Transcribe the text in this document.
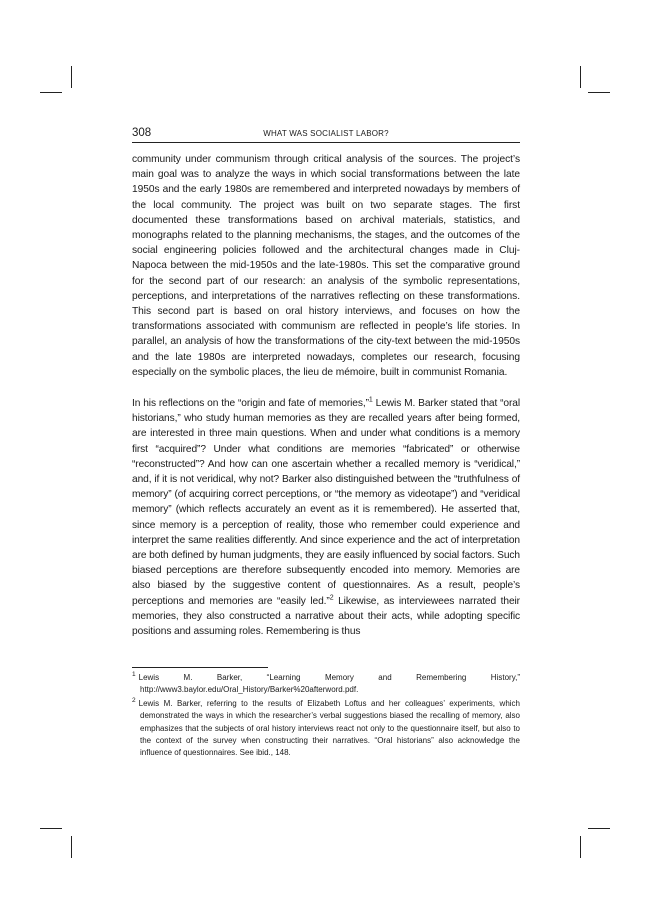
308	WHAT WAS SOCIALIST LABOR?

community under communism through critical analysis of the sources. The project’s main goal was to analyze the ways in which social transformations between the late 1950s and the early 1980s are remembered and interpreted nowadays by members of the local community. The project was built on two separate stages. The first documented these transformations based on archival materials, statistics, and monographs related to the planning mechanisms, the stages, and the outcomes of the social engineering policies followed and the architectural changes made in Cluj-Napoca between the mid-1950s and the late-1980s. This set the comparative ground for the second part of our research: an analysis of the symbolic representations, perceptions, and interpretations of the narratives reflecting on these transformations. This second part is based on oral history interviews, and focuses on how the transformations associated with communism are reflected in people’s life stories. In parallel, an analysis of how the transformations of the city-text between the mid-1950s and the late 1980s are interpreted nowadays, completes our research, focusing especially on the symbolic places, the lieu de mémoire, built in communist Romania.

In his reflections on the “origin and fate of memories,”$^1$ Lewis M. Barker stated that “oral historians,” who study human memories as they are recalled years after being formed, are interested in three main questions. When and under what conditions is a memory first “acquired”? Under what conditions are memories “fabricated” or otherwise “reconstructed”? And how can one ascertain whether a recalled memory is “veridical,” and, if it is not veridical, why not? Barker also distinguished between the “truthfulness of memory” (of acquiring correct perceptions, or “the memory as videotape”) and “veridical memory” (which reflects accurately an event as it is remembered). He asserted that, since memory is a perception of reality, those who remember could experience and interpret the same realities differently. And since experience and the act of interpretation are both defined by human judgments, they are easily influenced by social factors. Such biased perceptions are therefore subsequently encoded into memory. Memories are also biased by the suggestive content of questionnaires. As a result, people’s perceptions and memories are “easily led.”$^2$ Likewise, as interviewees narrated their memories, they also constructed a narrative about their acts, while adopting specific positions and assuming roles. Remembering is thus

$^1$ Lewis M. Barker, “Learning Memory and Remembering History,” http://www3.baylor.edu/Oral_History/Barker%20afterword.pdf.

$^2$ Lewis M. Barker, referring to the results of Elizabeth Loftus and her colleagues’ experiments, which demonstrated the ways in which the researcher’s verbal suggestions biased the recalling of memory, also emphasizes that the subjects of oral history interviews react not only to the questionnaire itself, but also to the context of the survey when constructing their narratives. “Oral historians” also acknowledge the influence of questionnaires. See ibid., 148.
